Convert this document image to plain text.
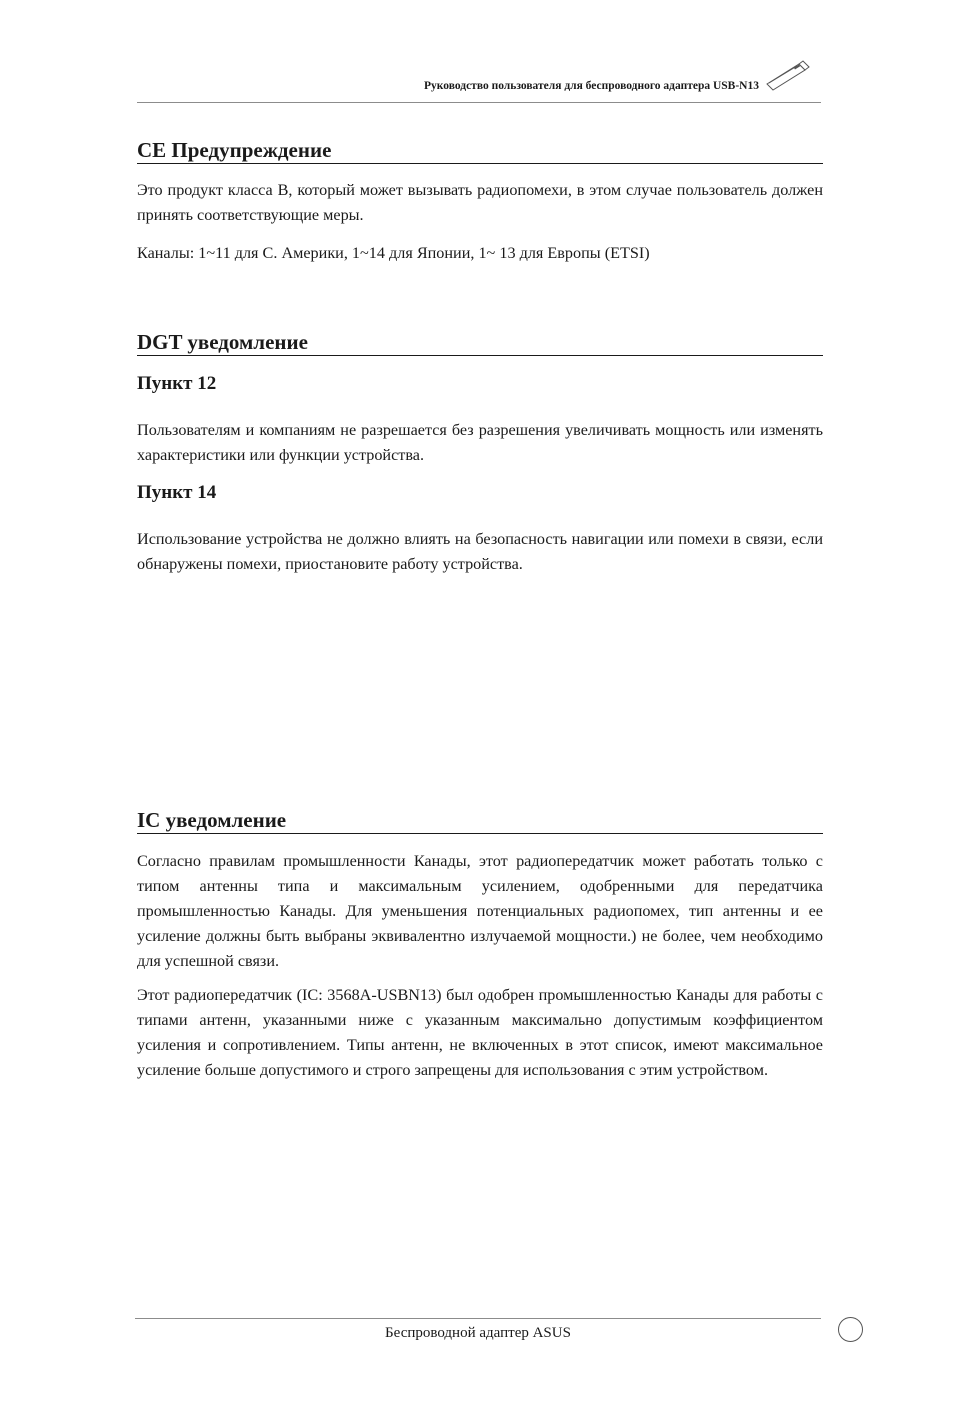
Руководство пользователя для беспроводного адаптера USB-N13
CE Предупреждение

Это продукт класса B, который может вызывать радиопомехи, в этом случае пользователь должен принять соответствующие меры.

Каналы: 1~11 для С. Америки, 1~14 для Японии, 1~ 13 для Европы (ETSI)

DGT уведомление
Пункт 12

Пользователям и компаниям не разрешается без разрешения увеличивать мощность или изменять характеристики или функции устройства.

Пункт 14

Использование устройства не должно влиять на безопасность навигации или помехи в связи, если обнаружены помехи, приостановите работу устройства.

IC уведомление

Согласно правилам промышленности Канады, этот радиопередатчик может работать только с типом антенны типа и максимальным усилением, одобренными для передатчика промышленностью Канады. Для уменьшения потенциальных радиопомех, тип антенны и ее усиление должны быть выбраны эквивалентно излучаемой мощности.) не более, чем необходимо для успешной связи.

Этот радиопередатчик (IC: 3568A-USBN13) был одобрен промышленностью Канады для работы с типами антенн, указанными ниже с указанным максимально допустимым коэффициентом усиления и сопротивлением. Типы антенн, не включенных в этот список, имеют максимальное усиление больше допустимого и строго запрещены для использования с этим устройством.

Беспроводной адаптер ASUS
